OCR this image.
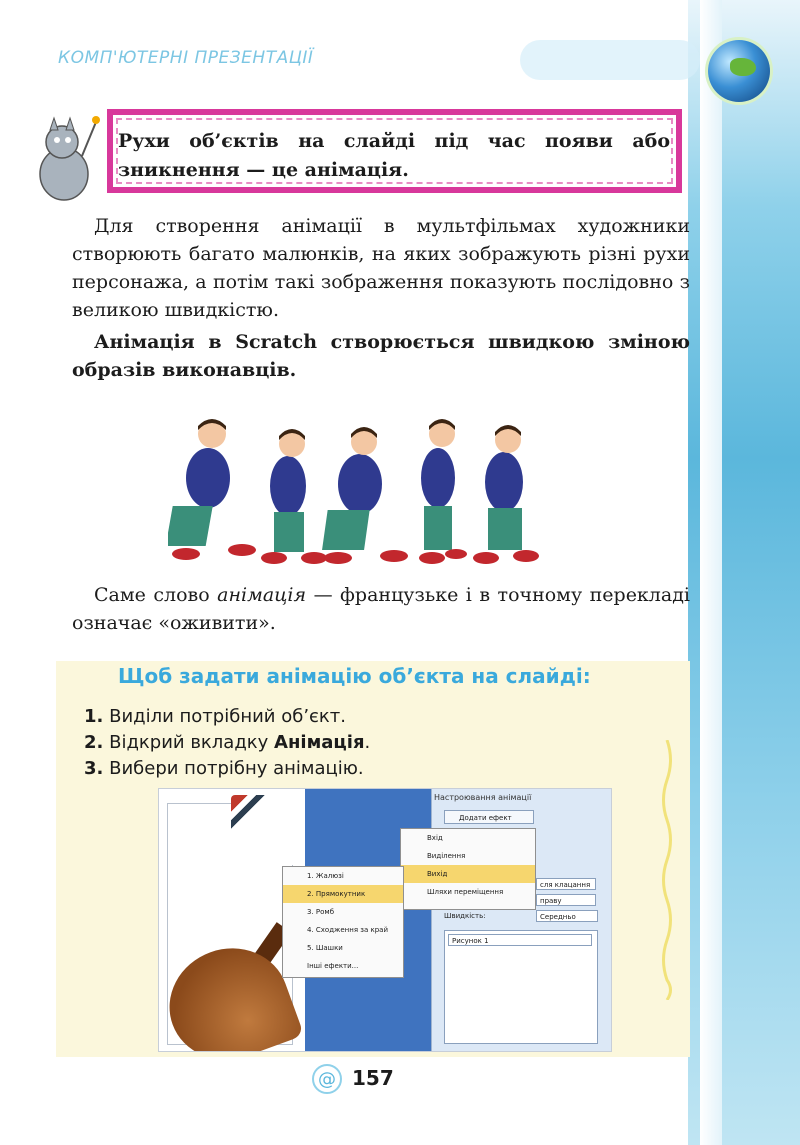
КОМП'ЮТЕРНІ ПРЕЗЕНТАЦІЇ
Рухи об’єктів на слайді під час появи або зникнення — це анімація.
Для створення анімації в мультфільмах художники створюють багато малюнків, на яких зображують різні рухи персонажа, а потім такі зображення показують послідовно з великою швидкістю.
Анімація в Scratch створюється швидкою зміною образів виконавців.
Саме слово анімація — французьке і в точному перекладі означає «оживити».
Щоб задати анімацію об’єкта на слайді:
1. Виділи потрібний об’єкт.
2. Відкрий вкладку Анімація.
3. Вибери потрібну анімацію.
Настроювання анімації
Додати ефект
Вхід
Виділення
Вихід
Шляхи переміщення
1. Жалюзі
2. Прямокутник
3. Ромб
4. Сходження за край
5. Шашки
Інші ефекти...
сля клацання
праву
Швидкість:	Середньо
Рисунок 1
@ 157
